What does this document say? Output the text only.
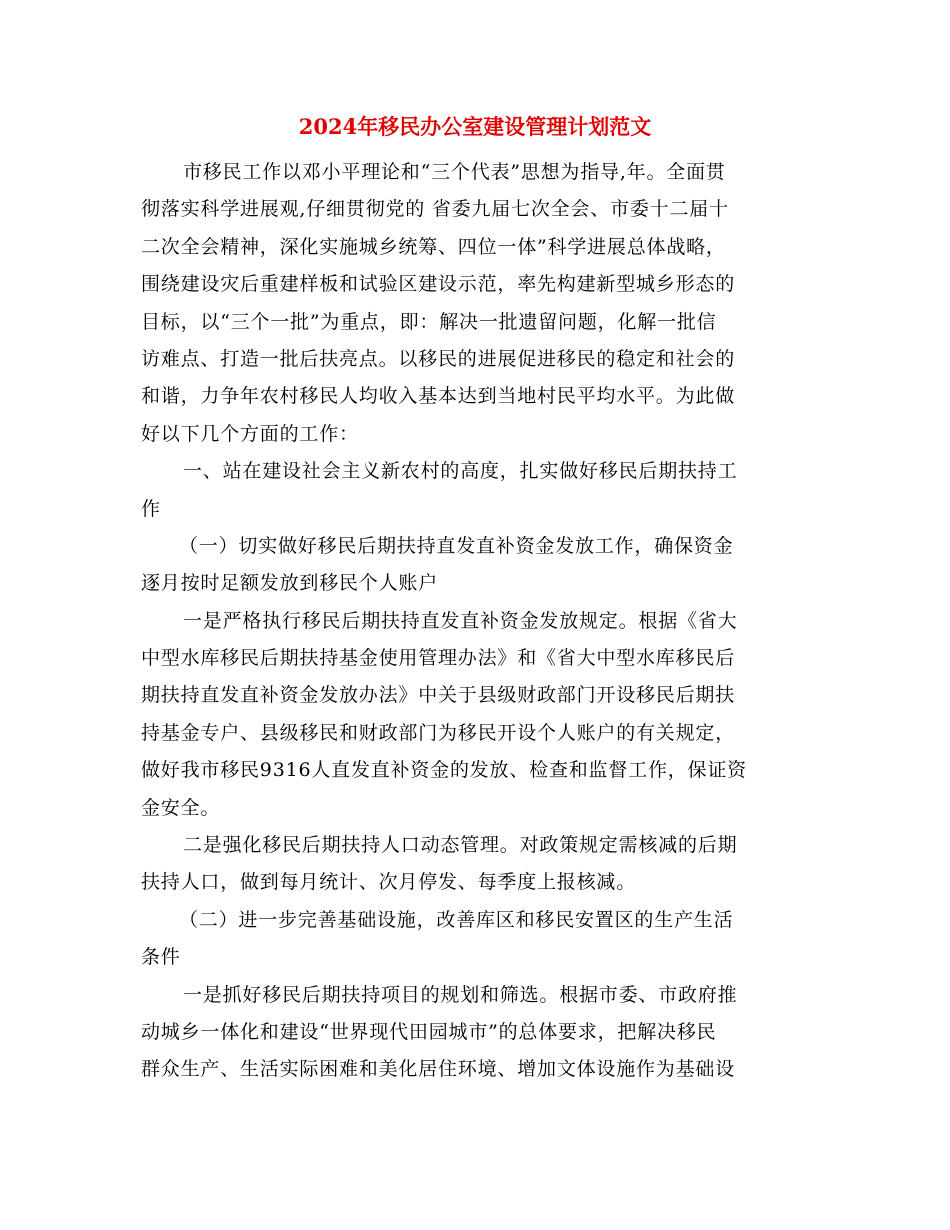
2024年移民办公室建设管理计划范文
市移民工作以邓小平理论和“三个代表”思想为指导,年。全面贯
彻落实科学进展观,仔细贯彻党的 省委九届七次全会、市委十二届十
二次全会精神，深化实施城乡统筹、四位一体”科学进展总体战略，
围绕建设灾后重建样板和试验区建设示范，率先构建新型城乡形态的
目标，以“三个一批”为重点，即：解决一批遗留问题，化解一批信
访难点、打造一批后扶亮点。以移民的进展促进移民的稳定和社会的
和谐，力争年农村移民人均收入基本达到当地村民平均水平。为此做
好以下几个方面的工作：
一、站在建设社会主义新农村的高度，扎实做好移民后期扶持工
作
（一）切实做好移民后期扶持直发直补资金发放工作，确保资金
逐月按时足额发放到移民个人账户
一是严格执行移民后期扶持直发直补资金发放规定。根据《省大
中型水库移民后期扶持基金使用管理办法》和《省大中型水库移民后
期扶持直发直补资金发放办法》中关于县级财政部门开设移民后期扶
持基金专户、县级移民和财政部门为移民开设个人账户的有关规定，
做好我市移民9316人直发直补资金的发放、检查和监督工作，保证资
金安全。
二是强化移民后期扶持人口动态管理。对政策规定需核减的后期
扶持人口，做到每月统计、次月停发、每季度上报核减。
（二）进一步完善基础设施，改善库区和移民安置区的生产生活
条件
一是抓好移民后期扶持项目的规划和筛选。根据市委、市政府推
动城乡一体化和建设“世界现代田园城市”的总体要求，把解决移民
群众生产、生活实际困难和美化居住环境、增加文体设施作为基础设
